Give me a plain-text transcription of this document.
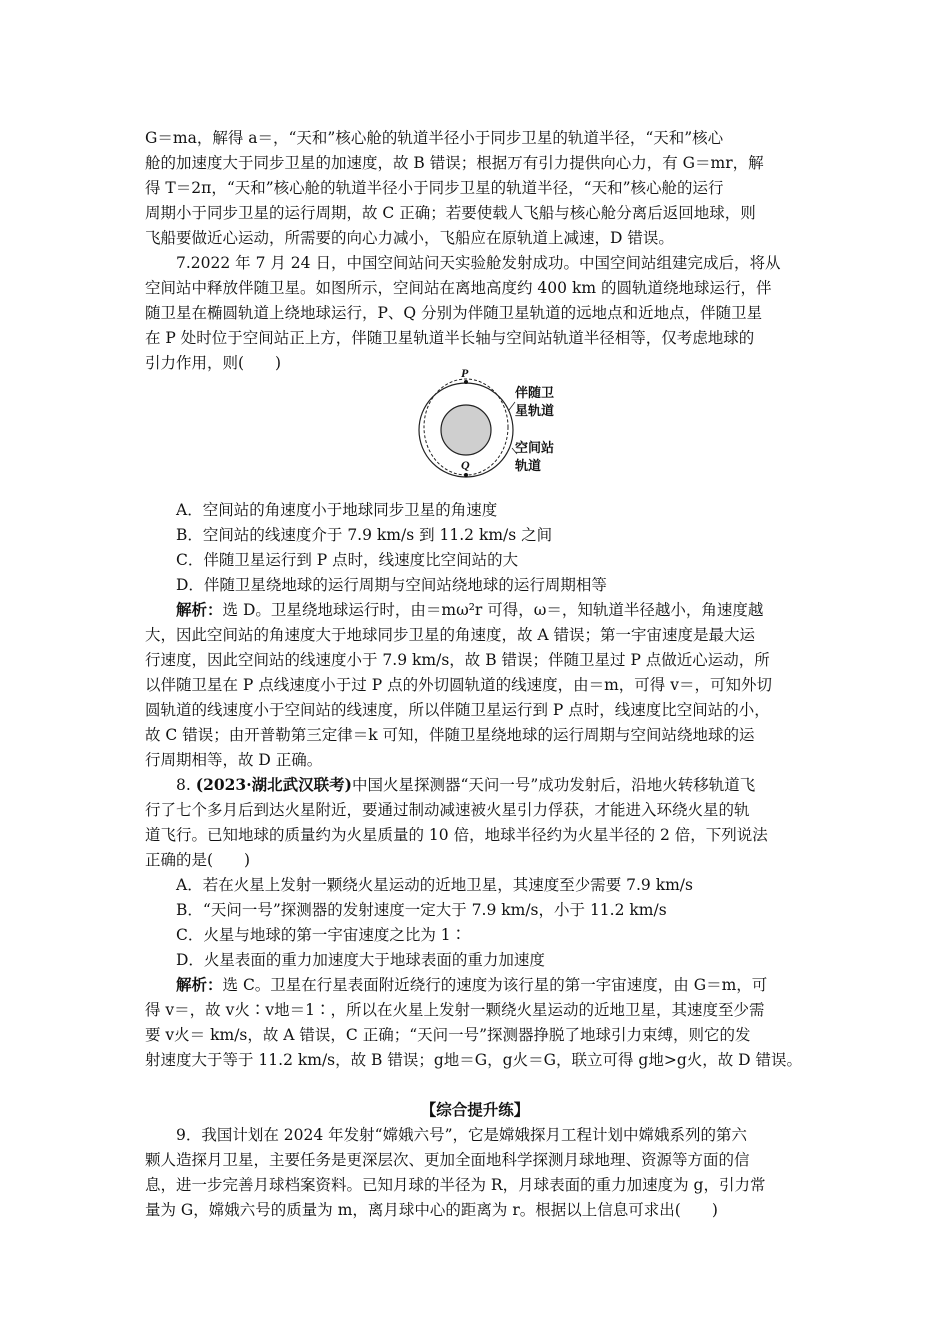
G＝ma，解得 a＝，“天和”核心舱的轨道半径小于同步卫星的轨道半径，“天和”核心
舱的加速度大于同步卫星的加速度，故 B 错误；根据万有引力提供向心力，有 G＝mr，解
得 T＝2π，“天和”核心舱的轨道半径小于同步卫星的轨道半径，“天和”核心舱的运行
周期小于同步卫星的运行周期，故 C 正确；若要使载人飞船与核心舱分离后返回地球，则
飞船要做近心运动，所需要的向心力减小，飞船应在原轨道上减速，D 错误。
7.2022 年 7 月 24 日，中国空间站问天实验舱发射成功。中国空间站组建完成后，将从
空间站中释放伴随卫星。如图所示，空间站在离地高度约 400 km 的圆轨道绕地球运行，伴
随卫星在椭圆轨道上绕地球运行，P、Q 分别为伴随卫星轨道的远地点和近地点，伴随卫星
在 P 处时位于空间站正上方，伴随卫星轨道半长轴与空间站轨道半径相等，仅考虑地球的
引力作用，则(　　)
P
Q
伴随卫
星轨道
空间站
轨道
A．空间站的角速度小于地球同步卫星的角速度
B．空间站的线速度介于 7.9 km/s 到 11.2 km/s 之间
C．伴随卫星运行到 P 点时，线速度比空间站的大
D．伴随卫星绕地球的运行周期与空间站绕地球的运行周期相等
解析：选 D。卫星绕地球运行时，由＝mω²r 可得，ω＝，知轨道半径越小，角速度越
大，因此空间站的角速度大于地球同步卫星的角速度，故 A 错误；第一宇宙速度是最大运
行速度，因此空间站的线速度小于 7.9 km/s，故 B 错误；伴随卫星过 P 点做近心运动，所
以伴随卫星在 P 点线速度小于过 P 点的外切圆轨道的线速度，由＝m，可得 v＝，可知外切
圆轨道的线速度小于空间站的线速度，所以伴随卫星运行到 P 点时，线速度比空间站的小，
故 C 错误；由开普勒第三定律＝k 可知，伴随卫星绕地球的运行周期与空间站绕地球的运
行周期相等，故 D 正确。
8. (2023·湖北武汉联考)中国火星探测器“天问一号”成功发射后，沿地火转移轨道飞
行了七个多月后到达火星附近，要通过制动减速被火星引力俘获，才能进入环绕火星的轨
道飞行。已知地球的质量约为火星质量的 10 倍，地球半径约为火星半径的 2 倍，下列说法
正确的是(　　)
A．若在火星上发射一颗绕火星运动的近地卫星，其速度至少需要 7.9 km/s
B．“天问一号”探测器的发射速度一定大于 7.9 km/s，小于 11.2 km/s
C．火星与地球的第一宇宙速度之比为 1∶
D．火星表面的重力加速度大于地球表面的重力加速度
解析：选 C。卫星在行星表面附近绕行的速度为该行星的第一宇宙速度，由 G＝m，可
得 v＝，故 v火∶v地＝1∶，所以在火星上发射一颗绕火星运动的近地卫星，其速度至少需
要 v火＝ km/s，故 A 错误，C 正确；“天问一号”探测器挣脱了地球引力束缚，则它的发
射速度大于等于 11.2 km/s，故 B 错误；g地＝G，g火＝G，联立可得 g地>g火，故 D 错误。
【综合提升练】
9．我国计划在 2024 年发射“嫦娥六号”，它是嫦娥探月工程计划中嫦娥系列的第六
颗人造探月卫星，主要任务是更深层次、更加全面地科学探测月球地理、资源等方面的信
息，进一步完善月球档案资料。已知月球的半径为 R，月球表面的重力加速度为 g，引力常
量为 G，嫦娥六号的质量为 m，离月球中心的距离为 r。根据以上信息可求出(　　)
